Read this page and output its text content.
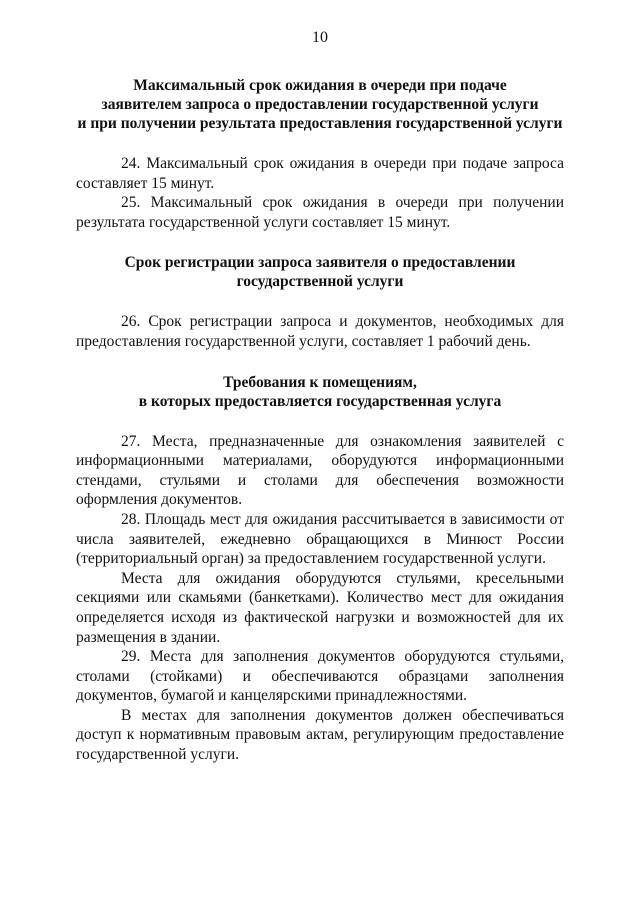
10
Максимальный срок ожидания в очереди при подаче
заявителем запроса о предоставлении государственной услуги
и при получении результата предоставления государственной услуги

24. Максимальный срок ожидания в очереди при подаче запроса составляет 15 минут.

25. Максимальный срок ожидания в очереди при получении результата государственной услуги составляет 15 минут.

Срок регистрации запроса заявителя о предоставлении
государственной услуги

26. Срок регистрации запроса и документов, необходимых для предоставления государственной услуги, составляет 1 рабочий день.

Требования к помещениям,
в которых предоставляется государственная услуга

27. Места, предназначенные для ознакомления заявителей с информационными материалами, оборудуются информационными стендами, стульями и столами для обеспечения возможности оформления документов.

28. Площадь мест для ожидания рассчитывается в зависимости от числа заявителей, ежедневно обращающихся в Минюст России (территориальный орган) за предоставлением государственной услуги.

Места для ожидания оборудуются стульями, кресельными секциями или скамьями (банкетками). Количество мест для ожидания определяется исходя из фактической нагрузки и возможностей для их размещения в здании.

29. Места для заполнения документов оборудуются стульями, столами (стойками) и обеспечиваются образцами заполнения документов, бумагой и канцелярскими принадлежностями.

В местах для заполнения документов должен обеспечиваться доступ к нормативным правовым актам, регулирующим предоставление государственной услуги.
